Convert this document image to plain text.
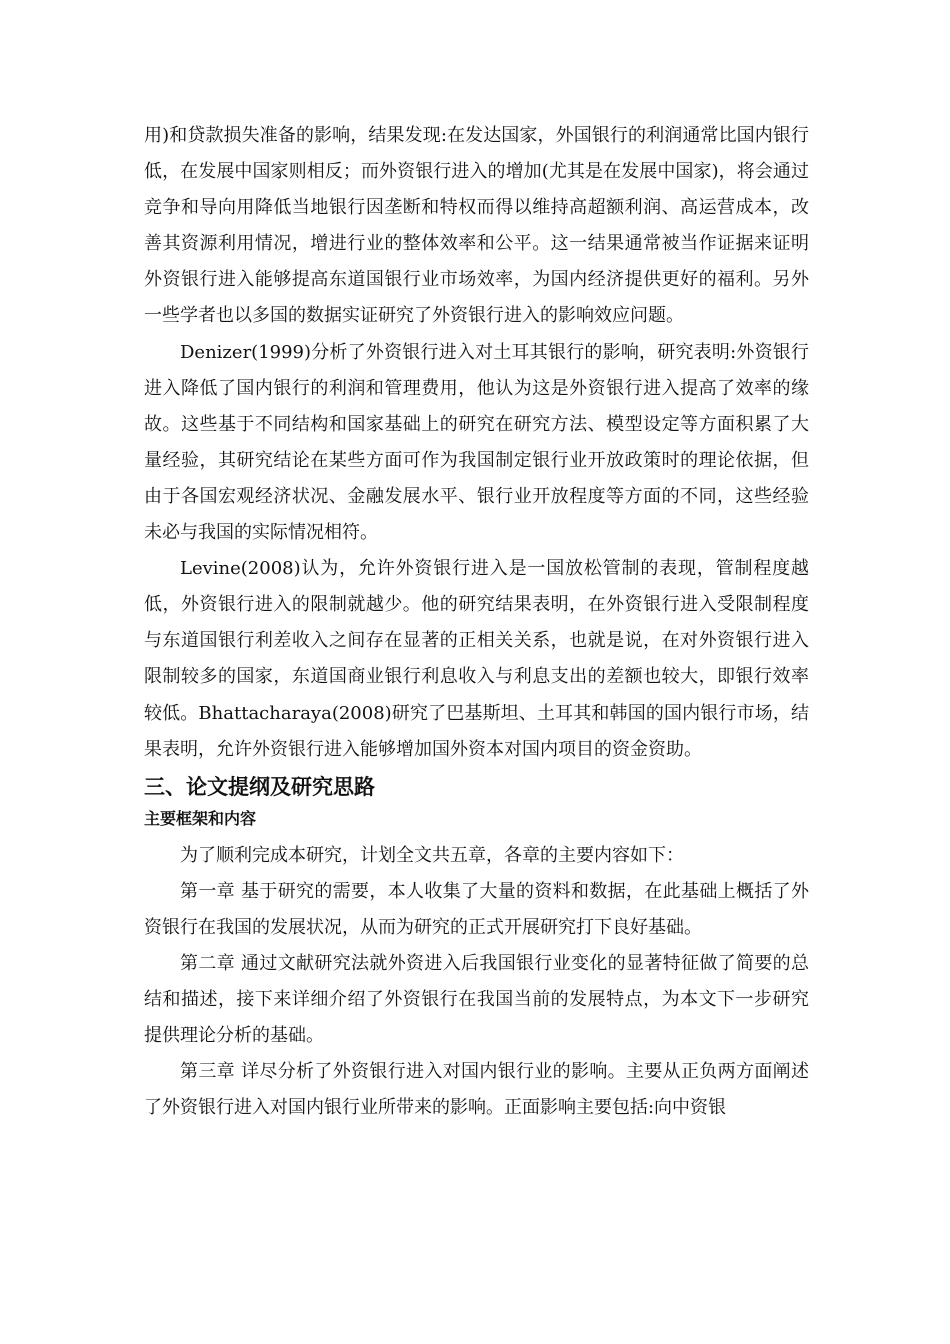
用)和贷款损失准备的影响，结果发现:在发达国家，外国银行的利润通常比国内银行低，在发展中国家则相反；而外资银行进入的增加(尤其是在发展中国家)，将会通过竞争和导向用降低当地银行因垄断和特权而得以维持高超额利润、高运营成本，改善其资源利用情况，增进行业的整体效率和公平。这一结果通常被当作证据来证明外资银行进入能够提高东道国银行业市场效率，为国内经济提供更好的福利。另外一些学者也以多国的数据实证研究了外资银行进入的影响效应问题。

Denizer(1999)分析了外资银行进入对土耳其银行的影响，研究表明:外资银行进入降低了国内银行的利润和管理费用，他认为这是外资银行进入提高了效率的缘故。这些基于不同结构和国家基础上的研究在研究方法、模型设定等方面积累了大量经验，其研究结论在某些方面可作为我国制定银行业开放政策时的理论依据，但由于各国宏观经济状况、金融发展水平、银行业开放程度等方面的不同，这些经验未必与我国的实际情况相符。

Levine(2008)认为，允许外资银行进入是一国放松管制的表现，管制程度越低，外资银行进入的限制就越少。他的研究结果表明，在外资银行进入受限制程度与东道国银行利差收入之间存在显著的正相关关系，也就是说，在对外资银行进入限制较多的国家，东道国商业银行利息收入与利息支出的差额也较大，即银行效率较低。Bhattacharaya(2008)研究了巴基斯坦、土耳其和韩国的国内银行市场，结果表明，允许外资银行进入能够增加国外资本对国内项目的资金资助。

三、论文提纲及研究思路
主要框架和内容

为了顺利完成本研究，计划全文共五章，各章的主要内容如下：

第一章 基于研究的需要，本人收集了大量的资料和数据，在此基础上概括了外资银行在我国的发展状况，从而为研究的正式开展研究打下良好基础。

第二章 通过文献研究法就外资进入后我国银行业变化的显著特征做了简要的总结和描述，接下来详细介绍了外资银行在我国当前的发展特点，为本文下一步研究提供理论分析的基础。

第三章 详尽分析了外资银行进入对国内银行业的影响。主要从正负两方面阐述了外资银行进入对国内银行业所带来的影响。正面影响主要包括:向中资银
